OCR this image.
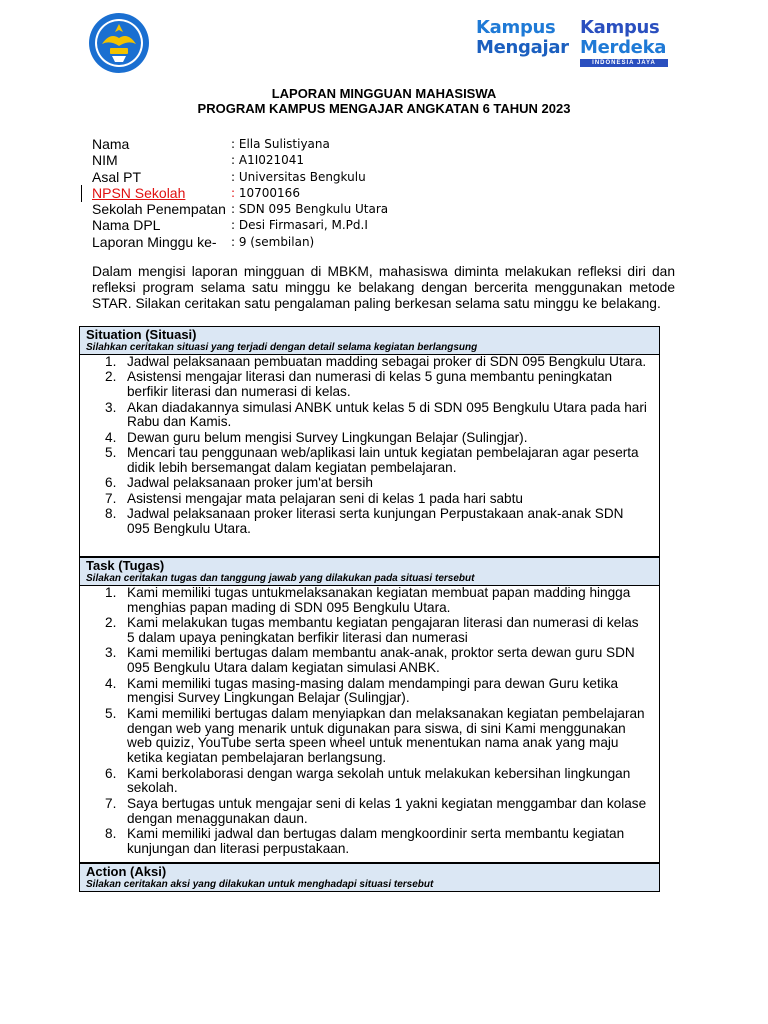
Kampus
Mengajar
Kampus
Merdeka
INDONESIA JAYA
LAPORAN MINGGUAN MAHASISWA
PROGRAM KAMPUS MENGAJAR ANGKATAN 6 TAHUN 2023
Nama	: Ella Sulistiyana
NIM	: A1I021041
Asal PT	: Universitas Bengkulu
NPSN Sekolah	: 10700166
Sekolah Penempatan : SDN 095 Bengkulu Utara
Nama DPL	: Desi Firmasari, M.Pd.I
Laporan Minggu ke-	: 9 (sembilan)
Dalam mengisi laporan mingguan di MBKM, mahasiswa diminta melakukan refleksi diri dan refleksi program selama satu minggu ke belakang dengan bercerita menggunakan metode STAR. Silakan ceritakan satu pengalaman paling berkesan selama satu minggu ke belakang.
Situation (Situasi)
Silahkan ceritakan situasi yang terjadi dengan detail selama kegiatan berlangsung
Jadwal pelaksanaan pembuatan madding sebagai proker di SDN 095 Bengkulu Utara.
Asistensi mengajar literasi dan numerasi di kelas 5 guna membantu peningkatan berfikir literasi dan numerasi di kelas.
Akan diadakannya simulasi ANBK untuk kelas 5 di SDN 095 Bengkulu Utara pada hari Rabu dan Kamis.
Dewan guru belum mengisi Survey Lingkungan Belajar (Sulingjar).
Mencari tau penggunaan web/aplikasi lain untuk kegiatan pembelajaran agar peserta didik lebih bersemangat dalam kegiatan pembelajaran.
Jadwal pelaksanaan proker jum'at bersih
Asistensi mengajar mata pelajaran seni di kelas 1 pada hari sabtu
Jadwal pelaksanaan proker literasi serta kunjungan Perpustakaan anak-anak SDN 095 Bengkulu Utara.
Task (Tugas)
Silakan ceritakan tugas dan tanggung jawab yang dilakukan pada situasi tersebut
Kami memiliki tugas untukmelaksanakan kegiatan membuat papan madding hingga menghias papan mading di SDN 095 Bengkulu Utara.
Kami melakukan tugas membantu kegiatan pengajaran literasi dan numerasi di kelas 5 dalam upaya peningkatan berfikir literasi dan numerasi
Kami memiliki bertugas dalam membantu anak-anak, proktor serta dewan guru SDN 095 Bengkulu Utara dalam kegiatan simulasi ANBK.
Kami memiliki tugas masing-masing dalam mendampingi para dewan Guru ketika mengisi Survey Lingkungan Belajar (Sulingjar).
Kami memiliki bertugas dalam menyiapkan dan melaksanakan kegiatan pembelajaran dengan web yang menarik untuk digunakan para siswa, di sini Kami menggunakan web quiziz, YouTube serta speen wheel untuk menentukan nama anak yang maju ketika kegiatan pembelajaran berlangsung.
Kami berkolaborasi dengan warga sekolah untuk melakukan kebersihan lingkungan sekolah.
Saya bertugas untuk mengajar seni di kelas 1 yakni kegiatan menggambar dan kolase dengan menaggunakan daun.
Kami memiliki jadwal dan bertugas dalam mengkoordinir serta membantu kegiatan kunjungan dan literasi perpustakaan.
Action (Aksi)
Silakan ceritakan aksi yang dilakukan untuk menghadapi situasi tersebut
